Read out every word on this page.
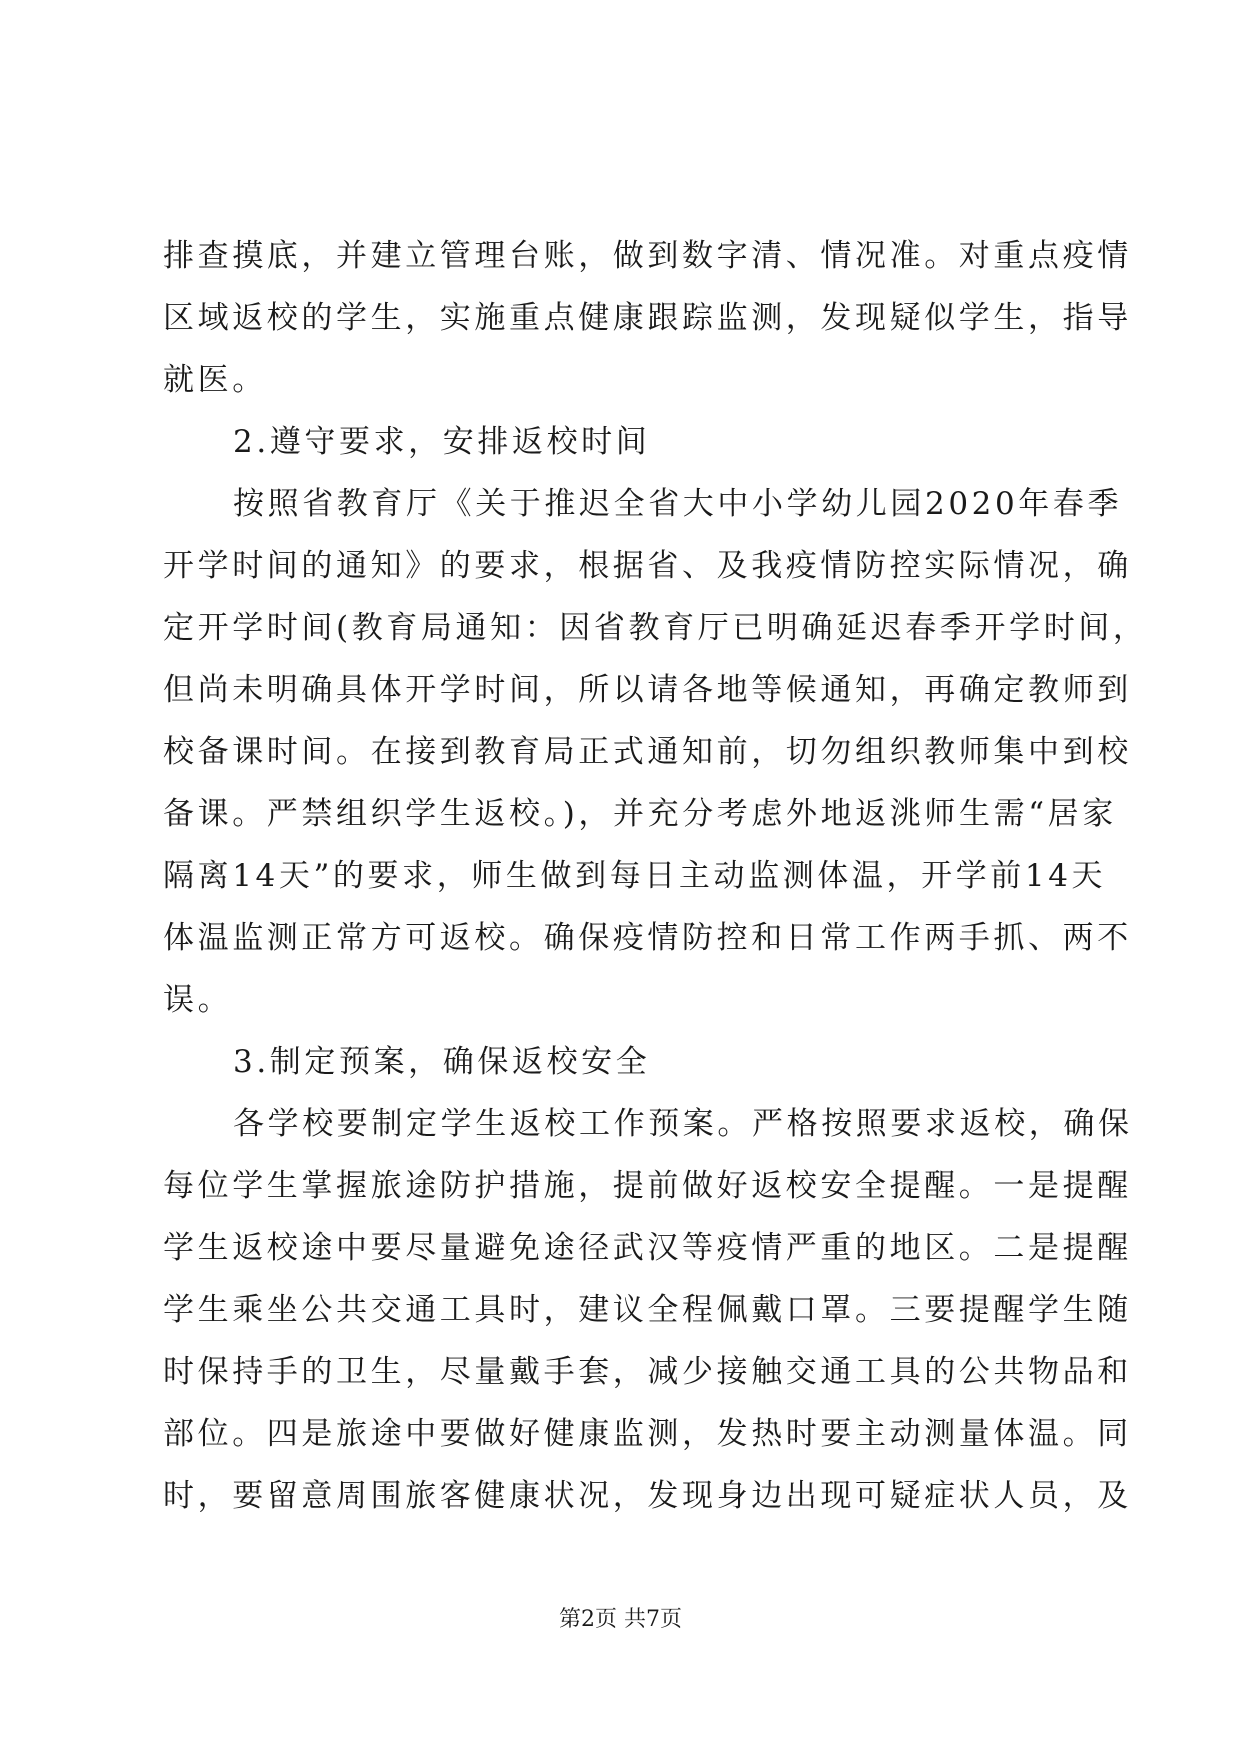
排查摸底，并建立管理台账，做到数字清、情况准。对重点疫情
区域返校的学生，实施重点健康跟踪监测，发现疑似学生，指导
就医。
2.遵守要求，安排返校时间
按照省教育厅《关于推迟全省大中小学幼儿园2020年春季
开学时间的通知》的要求，根据省、及我疫情防控实际情况，确
定开学时间(教育局通知：因省教育厅已明确延迟春季开学时间，
但尚未明确具体开学时间，所以请各地等候通知，再确定教师到
校备课时间。在接到教育局正式通知前，切勿组织教师集中到校
备课。严禁组织学生返校。)，并充分考虑外地返洮师生需“居家
隔离14天”的要求，师生做到每日主动监测体温，开学前14天
体温监测正常方可返校。确保疫情防控和日常工作两手抓、两不
误。
3.制定预案，确保返校安全
各学校要制定学生返校工作预案。严格按照要求返校，确保
每位学生掌握旅途防护措施，提前做好返校安全提醒。一是提醒
学生返校途中要尽量避免途径武汉等疫情严重的地区。二是提醒
学生乘坐公共交通工具时，建议全程佩戴口罩。三要提醒学生随
时保持手的卫生，尽量戴手套，减少接触交通工具的公共物品和
部位。四是旅途中要做好健康监测，发热时要主动测量体温。同
时，要留意周围旅客健康状况，发现身边出现可疑症状人员，及
第2页 共7页
